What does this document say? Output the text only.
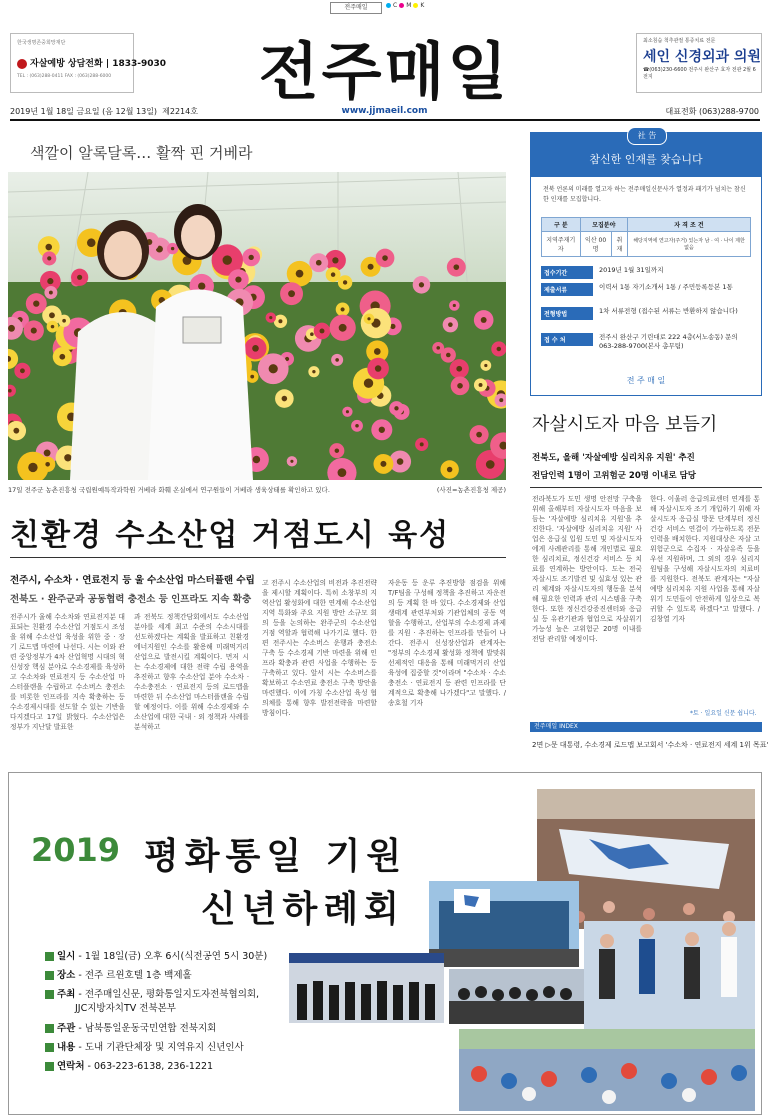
전주매일	C M K
한국생명존중희망재단
자살예방 상담전화 | 1833-9030
TEL : (063)288-0411 FAX : (063)288-6000	전주매일	최소침습 척추관절 통증치료 전문
세인 신경외과 의원
☎(063)230-6600 전주시 완산구 효자 전관 2월 6전지
2019년 1월 18일 금요일 (음 12월 13일) 제2214호	www.jjmaeil.com	대표전화 (063)288-9700
색깔이 알록달록… 활짝 핀 거베라
17일 전주군 농촌진흥청 국립원예특작과학원 거베라 화훼 온실에서 연구원들이 거베라 생육상태를 확인하고 있다.	(사진=농촌진흥청 제공)
친환경 수소산업 거점도시 육성
전주시, 수소차 · 연료전지 등 울 수소산업 마스터플랜 수립
전북도 · 완주군과 공동협력 충전소 등 인프라도 지속 확충
전주시가 울해 수소차와 연료전지분 대표되는 친환경 수소산업 거점도시 조성을 위해 수소산업 육성을 위한 중 · 장기 로드맵 마련에 나선다. 시는 이와 관련 중앙정부가 4차 산업혁명 시대의 혁신성장 핵심 분야로 수소경제를 육성하고 수소차와 연료전지 등 수소산업 마스터플랜을 수립하고 수소버스 충전소를 비롯한 인프라를 지속 확충하는 등 수소경제시대를 선도할 수 있는 기반을 다지겠다고 17일 밝혔다. 수소산업은 정부가 지난달 발표한
과 전북도 정책간담회에서도 수소산업 분야를 세계 최고 수준의 수소시대를 선도하겠다는 계획을 발표하고 친환경에너지원인 수소를 활용해 미래먹거리 산업으로 발전시킬 계획이다. 먼저 시는 수소경제에 대한 전략 수립 용역을 추진하고 향후 수소산업 분야 수소차 · 수소충전소 · 연료전지 등의 로드맵을 마련한 뒤 수소산업 마스터플랜을 수립할 예정이다. 이를 위해 수소경제와 수소산업에 대한 국내 · 외 정책과 사례를 분석하고
고 전주시 수소산업의 비전과 추진전략을 제시할 계획이다. 특히 소창부의 지역산업 활성화에 대한 연계해 수소산업 지역 특화와 주요 지원 방안 소규모 회의 등을 논의하는 완주군의 수소산업 거점 역할과 협력해 나가기로 했다. 한편 전주시는 수소버스 운행과 충전소 구축 등 수소경제 기반 마련을 위해 인프라 확충과 관련 사업을 수행하는 등 구축하고 있다. 앞서 시는 수소버스를 확보하고 수소연료 충전소 구축 방안을 마련했다. 이에 가칭 수소산업 육성 협의체를 통해 향후 발전전략을 마련할 방침이다.
자운동 등 운루 추진방향 점검을 위해 T/F팀을 구성해 정책을 추진하고 자운전의 등 계획 한 바 있다. 수소경제와 산업생태계 관련부처와 기관업체의 공동 역할을 수행하고, 산업부의 수소경제 과제를 지원 · 추진하는 인프라를 만들어 나간다. 전주시 신성장산업과 관계자는 "정부의 수소경제 활성화 정책에 발맞춰 선제적인 대응을 통해 미래먹거리 산업 육성에 집중할 것"이라며 "수소차 · 수소충전소 · 연료전지 등 관련 인프라를 단계적으로 확충해 나가겠다"고 말했다. /송호철 기자
社 告
참신한 인재를 찾습니다
전북 언론의 미래를 열고자 하는 전주매일신문사가 열정과 패기가 넘치는 참신한 인재를 모집합니다.
구 분	모집분야		자 격 조 건
지역주재기자	익산 00명	취재	해당지역에 연고자(주거) 있는자 남 · 여 · 나이 제한 없음
접수기간	2019년 1월 31일까지
제출서류	이력서 1통 자기소개서 1통 / 주민등록등본 1통
전형방법	1차 서류전형 (접수된 서류는 반환하지 않습니다)
접 수 처	전주시 완산구 기린대로 222 4층(서노송동) 문의 063-288-9700(본사 총무팀)
전 주 매 일
자살시도자 마음 보듬기
전북도, 올해 '자살예방 심리치유 지원' 추진
전담인력 1명이 고위험군 20명 이내로 담당
전라북도가 도민 생명 안전망 구축을 위해 올해부터 자살시도자 마음을 보듬는 '자살예방 심리치유 지원'을 추진한다. '자살예방 심리치유 지원' 사업은 응급실 입원 도민 및 자살시도자에게 사례관리를 통해 개인별로 필요한 심리치료, 정신건강 서비스 등 치료를 연계하는 방안이다. 도는 전국 자살시도 조기발견 및 실효성 있는 관리 체계와 자살시도자의 행동을 분석해 필요한 인력과 관리 시스템을 구축한다. 또한 정신건강증진센터와 응급실 등 유관기관과 협업으로 자살위기 가능성 높은 고위험군 20명 이내를 전담 관리할 예정이다.
한다. 이울러 응급의료센터 연계를 통해 자살시도자 조기 개입하기 위해 자살시도자 응급실 방문 단계부터 정신건강 서비스 연결이 가능하도록 전문인력을 배치한다. 지원대상은 자살 고위험군으로 수집자 · 자살유족 등을 우선 지원하며, 그 외의 경우 심리지원팀을 구성해 자살시도자의 치료비를 지원한다. 전북도 관계자는 "자살예방 심리치유 지원 사업을 통해 자살위기 도민들이 안전하게 일상으로 복귀할 수 있도록 하겠다"고 말했다. /김창열 기자
*토 · 일요일 신문 쉽니다.
전주매일 INDEX
2면 ▷문 대통령, 수소경제 로드맵 보고회서 '수소차 · 연료전지 세계 1위 목표'
2019 평화통일 기원
신년하례회
일시 - 1월 18일(금) 오후 6시(식전공연 5시 30분)
장소 - 전주 르윈호텔 1층 백제홀
주최 - 전주매일신문, 평화통일지도자전북협의회,
JJC지방자치TV 전북본부
주관 - 남북통일운동국민연합 전북지회
내용 - 도내 기관단체장 및 지역유지 신년인사
연락처 - 063-223-6138, 236-1221
